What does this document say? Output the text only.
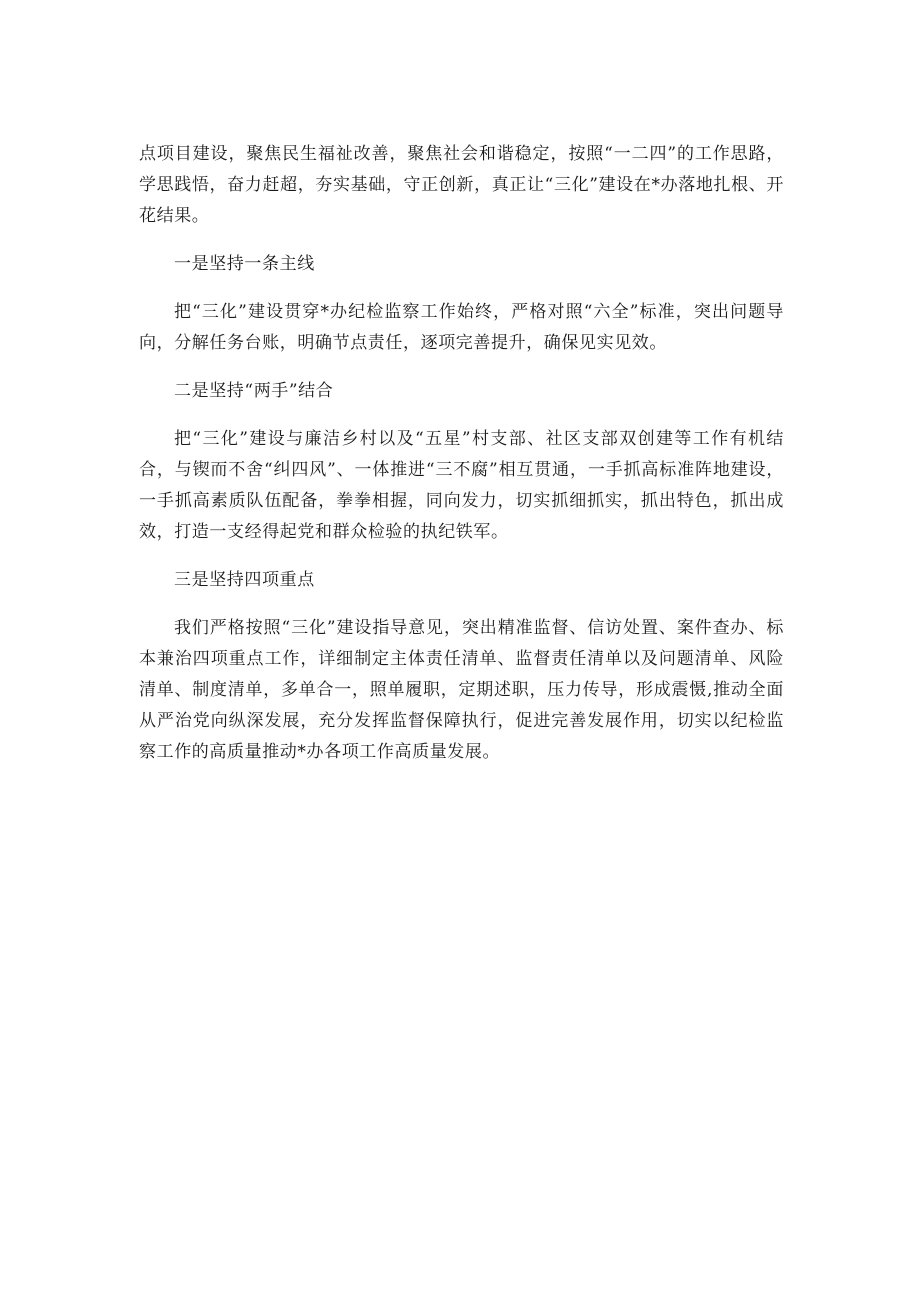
点项目建设，聚焦民生福祉改善，聚焦社会和谐稳定，按照“一二四”的工作思路，学思践悟，奋力赶超，夯实基础，守正创新，真正让“三化”建设在*办落地扎根、开花结果。

一是坚持一条主线

把“三化”建设贯穿*办纪检监察工作始终，严格对照“六全”标准，突出问题导向，分解任务台账，明确节点责任，逐项完善提升，确保见实见效。

二是坚持“两手”结合

把“三化”建设与廉洁乡村以及“五星”村支部、社区支部双创建等工作有机结合，与锲而不舍“纠四风”、一体推进“三不腐”相互贯通，一手抓高标准阵地建设，一手抓高素质队伍配备，拳拳相握，同向发力，切实抓细抓实，抓出特色，抓出成效，打造一支经得起党和群众检验的执纪铁军。

三是坚持四项重点

我们严格按照“三化”建设指导意见，突出精准监督、信访处置、案件查办、标本兼治四项重点工作，详细制定主体责任清单、监督责任清单以及问题清单、风险清单、制度清单，多单合一，照单履职，定期述职，压力传导，形成震慑,推动全面从严治党向纵深发展，充分发挥监督保障执行，促进完善发展作用，切实以纪检监察工作的高质量推动*办各项工作高质量发展。
